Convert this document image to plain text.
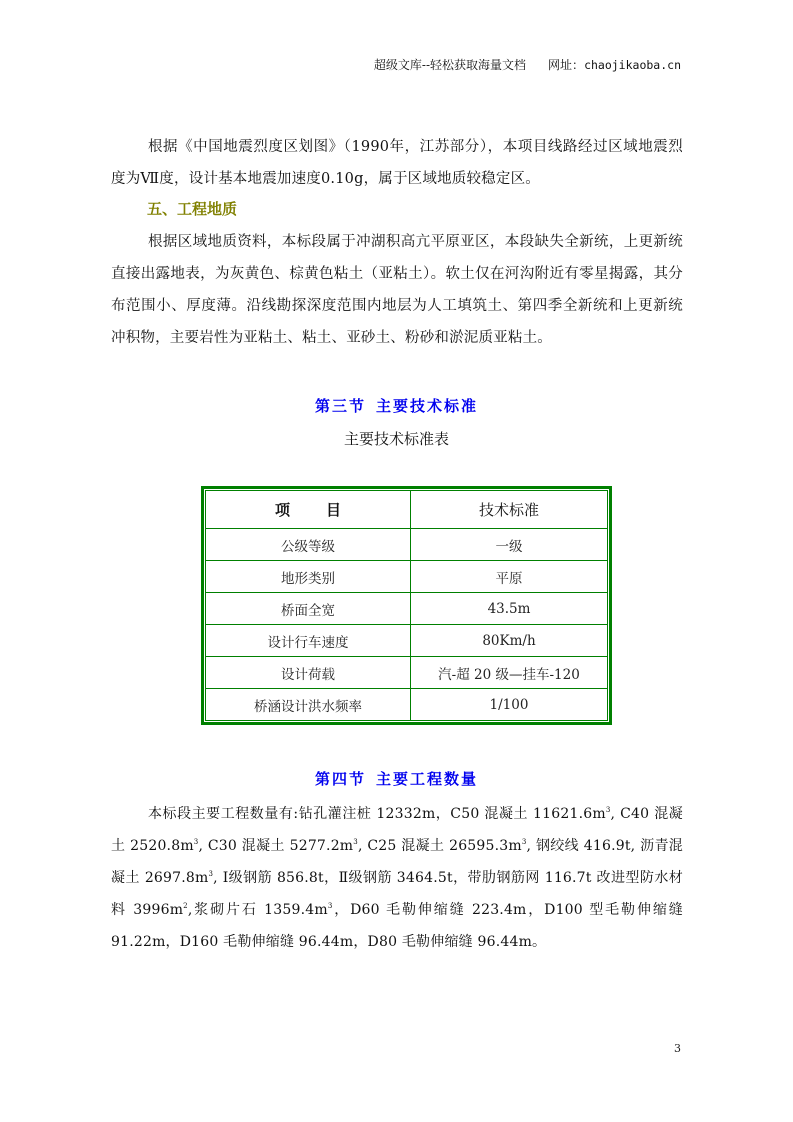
超级文库--轻松获取海量文档 网址：chaojikaoba.cn

根据《中国地震烈度区划图》（1990年，江苏部分），本项目线路经过区域地震烈度为Ⅶ度，设计基本地震加速度0.10g，属于区域地质较稳定区。

五、工程地质

根据区域地质资料，本标段属于冲湖积高亢平原亚区，本段缺失全新统，上更新统直接出露地表，为灰黄色、棕黄色粘土（亚粘土）。软土仅在河沟附近有零星揭露，其分布范围小、厚度薄。沿线勘探深度范围内地层为人工填筑土、第四季全新统和上更新统冲积物，主要岩性为亚粘土、粘土、亚砂土、粉砂和淤泥质亚粘土。

第三节 主要技术标准
主要技术标准表
项 目	技术标准
公级等级	一级
地形类别	平原
桥面全宽	43.5m
设计行车速度	80Km/h
设计荷载	汽-超 20 级—挂车-120
桥涵设计洪水频率	1/100
第四节 主要工程数量

本标段主要工程数量有:钻孔灌注桩 12332m，C50 混凝土 $11621.6m^3$, C40 混凝土 $2520.8m^3$, C30 混凝土 $5277.2m^3$, C25 混凝土 $26595.3m^3$, 钢绞线 416.9t, 沥青混凝土 $2697.8m^3$, Ⅰ级钢筋 856.8t，Ⅱ级钢筋 3464.5t，带肋钢筋网 116.7t 改进型防水材料 $3996m^2$,浆砌片石 $1359.4m^3$，D60 毛勒伸缩缝 223.4m，D100 型毛勒伸缩缝 91.22m，D160 毛勒伸缩缝 96.44m，D80 毛勒伸缩缝 96.44m。

3
